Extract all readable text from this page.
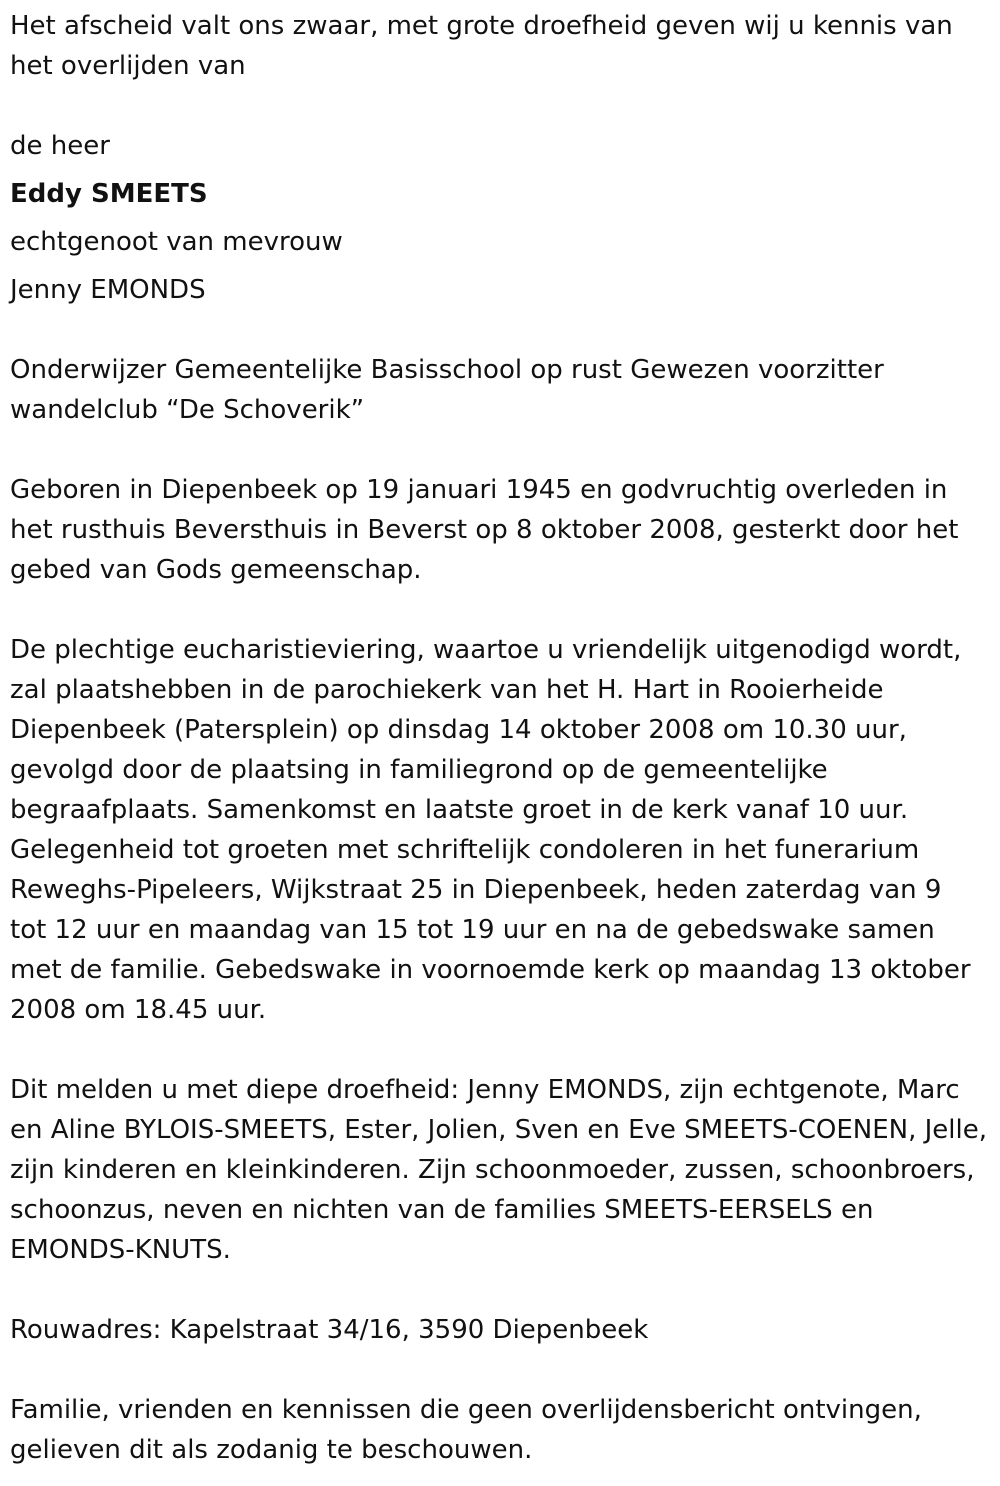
Het afscheid valt ons zwaar, met grote droefheid geven wij u kennis van
het overlijden van
de heer
Eddy SMEETS
echtgenoot van mevrouw
Jenny EMONDS
Onderwijzer Gemeentelijke Basisschool op rust Gewezen voorzitter
wandelclub “De Schoverik”
Geboren in Diepenbeek op 19 januari 1945 en godvruchtig overleden in
het rusthuis Beversthuis in Beverst op 8 oktober 2008, gesterkt door het
gebed van Gods gemeenschap.
De plechtige eucharistieviering, waartoe u vriendelijk uitgenodigd wordt,
zal plaatshebben in de parochiekerk van het H. Hart in Rooierheide
Diepenbeek (Patersplein) op dinsdag 14 oktober 2008 om 10.30 uur,
gevolgd door de plaatsing in familiegrond op de gemeentelijke
begraafplaats. Samenkomst en laatste groet in de kerk vanaf 10 uur.
Gelegenheid tot groeten met schriftelijk condoleren in het funerarium
Reweghs-Pipeleers, Wijkstraat 25 in Diepenbeek, heden zaterdag van 9
tot 12 uur en maandag van 15 tot 19 uur en na de gebedswake samen
met de familie. Gebedswake in voornoemde kerk op maandag 13 oktober
2008 om 18.45 uur.
Dit melden u met diepe droefheid: Jenny EMONDS, zijn echtgenote, Marc
en Aline BYLOIS-SMEETS, Ester, Jolien, Sven en Eve SMEETS-COENEN, Jelle,
zijn kinderen en kleinkinderen. Zijn schoonmoeder, zussen, schoonbroers,
schoonzus, neven en nichten van de families SMEETS-EERSELS en
EMONDS-KNUTS.
Rouwadres: Kapelstraat 34/16, 3590 Diepenbeek
Familie, vrienden en kennissen die geen overlijdensbericht ontvingen,
gelieven dit als zodanig te beschouwen.
